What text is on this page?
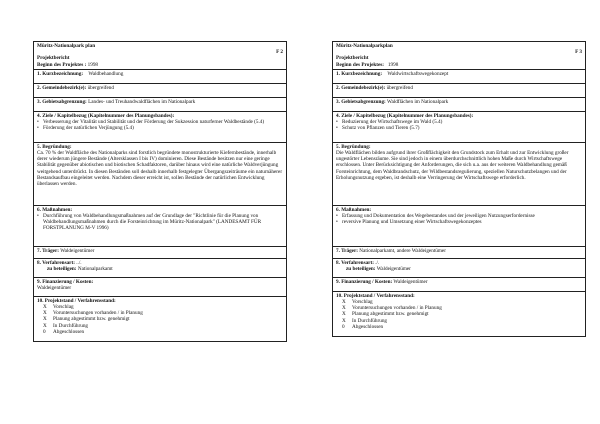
Müritz-Nationalpark plan
F 2
Projektbericht
Beginn des Projektes : 1998
1. Kurzbezeichnung: Waldbehandlung
2. Gemeindebezirk(e): übergreifend
3. Gebietsabgrenzung: Landes- und Treuhandwaldflächen im Nationalpark
4. Ziele / Kapitelbezug (Kapitelnummer des Planungsbandes):
• Verbesserung der Vitalität und Stabilität und der Förderung der Sukzession naturferner Waldbestände (5.4)
• Förderung der natürlichen Verjüngung (5.4)
5. Begründung:
Ca. 70 % der Waldfläche des Nationalparks sind forstlich begründete monostrukturierte Kiefernbestände, innerhalb derer wiederum jüngere Bestände (Altersklassen I bis IV) dominieren. Diese Bestände besitzen nur eine geringe Stabilität gegenüber abiotischen und biotischen Schadfaktoren, darüber hinaus wird eine natürliche Waldverjüngung weitgehend unterdrückt. In diesen Beständen soll deshalb innerhalb festgelegter Übergangszeiträume ein naturnäherer Bestandsaufbau eingeleitet werden. Nachdem dieser erreicht ist, sollen Bestände der natürlichen Entwicklung überlassen werden.
6. Maßnahmen:
• Durchführung von Waldbehandlungsmaßnahmen auf der Grundlage der "Richtlinie für die Planung von Waldbehandlungsmaßnahmen durch die Forsteinrichtung im Müritz-Nationalpark" (LANDESAMT FÜR FORSTPLANUNG M-V 1996)
7. Träger: Waldeigentümer
8. Verfahrensart: ../.
zu beteiligen: Nationalparkamt
9. Finanzierung / Kosten:
Waldeigentümer
10. Projektstand / Verfahrensstand:
X	Vorschlag
X	Voruntersuchungen vorhanden / in Planung
X	Planung abgestimmt bzw. genehmigt
X	In Durchführung
0	Abgeschlossen
Müritz-Nationalparkplan
F 3
Projektbericht
Beginn des Projektes: 1998
1. Kurzbezeichnung: Waldwirtschaftswegekonzept
2. Gemeindebezirk(e): übergreifend
3. Gebietsabgrenzung: Waldflächen im Nationalpark
4. Ziele / Kapitelbezug (Kapitelnummer des Planungsbandes):
• Reduzierung der Wirtschaftswege im Wald (5.4)
• Schutz von Pflanzen und Tieren (5.7)
5. Begründung:
Die Waldflächen bilden aufgrund ihrer Großflächigkeit den Grundstock zum Erhalt und zur Entwicklung großer ungestörter Lebensräume. Sie sind jedoch in einem überdurchschnittlich hohen Maße durch Wirtschaftswege erschlossen. Unter Berücksichtigung der Anforderungen, die sich u.a. aus der weiteren Waldbehandlung gemäß Forsteinrichtung, dem Waldbrandschutz, der Wildbestandsregulierung, speziellen Naturschutzbelangen und der Erholungsnutzung ergeben, ist deshalb eine Verringerung der Wirtschaftswege erforderlich.
6. Maßnahmen:
• Erfassung und Dokumentation des Wegebestandes und der jeweiligen Nutzungserfordernisse
• reversive Planung und Umsetzung einer Wirtschaftswegekonzeptes
7. Träger: Nationalparkamt, andere Waldeigentümer
8. Verfahrensart: ./.
zu beteiligen: Waldeigentümer
9. Finanzierung / Kosten: Waldeigentümer
10. Projektstand / Verfahrensstand:
X	Vorschlag
X	Voruntersuchungen vorhanden / in Planung
X	Planung abgestimmt bzw. genehmigt
X	In Durchführung
0	Abgeschlossen
